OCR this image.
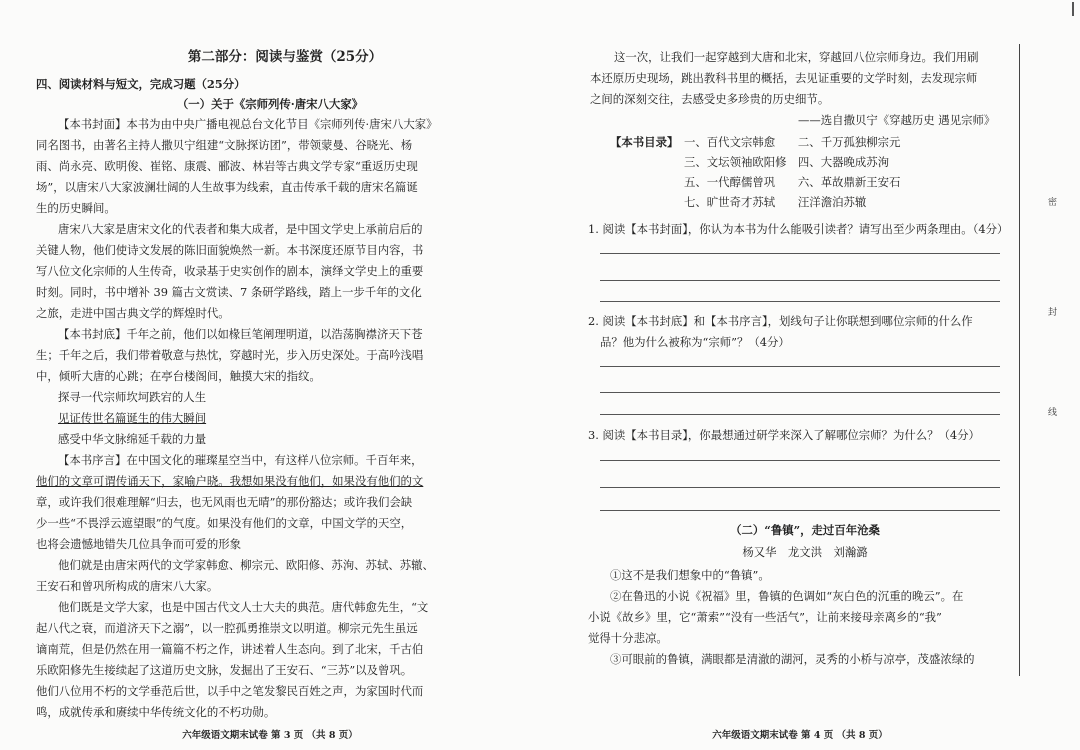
第二部分：阅读与鉴赏（25分）
四、阅读材料与短文，完成习题（25分）
（一）关于《宗师列传·唐宋八大家》
【本书封面】本书为由中央广播电视总台文化节目《宗师列传·唐宋八大家》
同名图书，由著名主持人撒贝宁组建“文脉探访团”，带领蒙曼、谷晓光、杨
雨、尚永亮、欧明俊、崔铭、康震、郦波、林岩等古典文学专家“重返历史现
场”，以唐宋八大家波澜壮阔的人生故事为线索，直击传承千载的唐宋名篇诞
生的历史瞬间。
唐宋八大家是唐宋文化的代表者和集大成者，是中国文学史上承前启后的
关键人物，他们使诗文发展的陈旧面貌焕然一新。本书深度还原节目内容，书
写八位文化宗师的人生传奇，收录基于史实创作的剧本，演绎文学史上的重要
时刻。同时，书中增补 39 篇古文赏读、7 条研学路线，踏上一步千年的文化
之旅，走进中国古典文学的辉煌时代。
【本书封底】千年之前，他们以如椽巨笔阐理明道，以浩荡胸襟济天下苍
生；千年之后，我们带着敬意与热忱，穿越时光，步入历史深处。于高吟浅唱
中，倾听大唐的心跳；在亭台楼阁间，触摸大宋的指纹。
探寻一代宗师坎坷跌宕的人生
见证传世名篇诞生的伟大瞬间
感受中华文脉绵延千载的力量
【本书序言】在中国文化的璀璨星空当中，有这样八位宗师。千百年来，
他们的文章可谓传诵天下，家喻户晓。我想如果没有他们，如果没有他们的文
章，或许我们很难理解“归去，也无风雨也无晴”的那份豁达；或许我们会缺
少一些“不畏浮云遮望眼”的气度。如果没有他们的文章，中国文学的天空，
也将会遗憾地错失几位具争而可爱的形象
他们就是由唐宋两代的文学家韩愈、柳宗元、欧阳修、苏洵、苏轼、苏辙、
王安石和曾巩所构成的唐宋八大家。
他们既是文学大家，也是中国古代文人士大夫的典范。唐代韩愈先生，“文
起八代之衰，而道济天下之溺”，以一腔孤勇推崇文以明道。柳宗元先生虽远
谪南荒，但是仍然在用一篇篇不朽之作，讲述着人生态向。到了北宋，千古伯
乐欧阳修先生接续起了这道历史文脉，发掘出了王安石、“三苏”以及曾巩。
他们八位用不朽的文学垂范后世，以手中之笔发黎民百姓之声，为家国时代而
鸣，成就传承和赓续中华传统文化的不朽功勋。
六年级语文期末试卷 第 3 页 （共 8 页）
这一次，让我们一起穿越到大唐和北宋，穿越回八位宗师身边。我们用刷
本还原历史现场，跳出教科书里的概括，去见证重要的文学时刻，去发现宗师
之间的深刻交往，去感受史多珍贵的历史细节。
——选自撒贝宁《穿越历史 遇见宗师》
【本书目录】 一、百代文宗韩愈　　二、千万孤独柳宗元
三、文坛领袖欧阳修　四、大器晚成苏洵
五、一代醇儒曾巩　　六、革故鼎新王安石
七、旷世奇才苏轼　　汪洋澹泊苏辙
1. 阅读【本书封面】，你认为本书为什么能吸引读者？请写出至少两条理由。（4分）
2. 阅读【本书封底】和【本书序言】，划线句子让你联想到哪位宗师的什么作
品？他为什么被称为“宗师”？（4分）
3. 阅读【本书目录】，你最想通过研学来深入了解哪位宗师？为什么？（4分）
（二）“鲁镇”，走过百年沧桑
杨又华　龙文洪　刘瀚潞
①这不是我们想象中的“鲁镇”。
②在鲁迅的小说《祝福》里，鲁镇的色调如“灰白色的沉重的晚云”。在
小说《故乡》里，它“萧索”“没有一些活气”，让前来接母亲离乡的“我”
觉得十分悲凉。
③可眼前的鲁镇，满眼都是清澈的湖河，灵秀的小桥与凉亭，茂盛浓绿的
六年级语文期末试卷 第 4 页 （共 8 页）
密
封
线
